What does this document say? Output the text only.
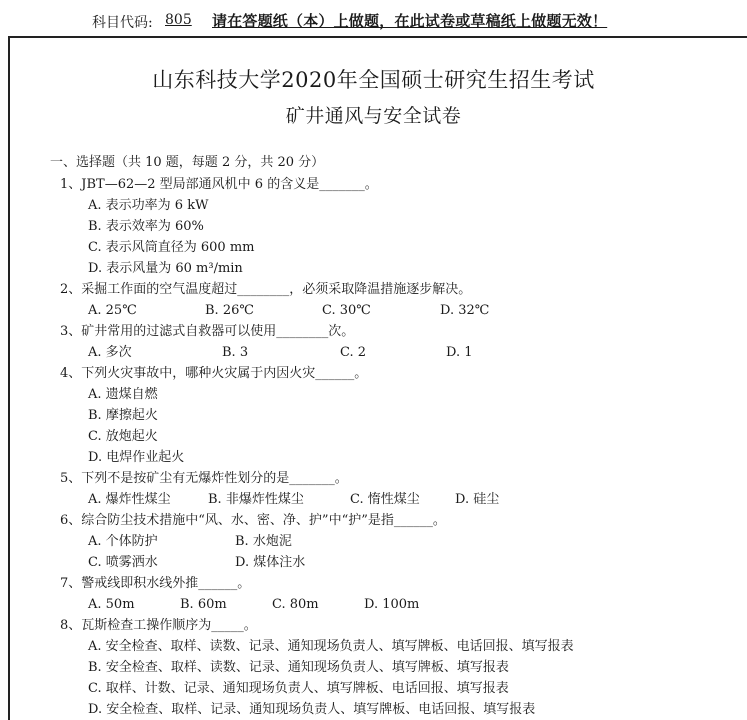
科目代码: 805 请在答题纸（本）上做题，在此试卷或草稿纸上做题无效！
山东科技大学2020年全国硕士研究生招生考试
矿井通风与安全试卷
一、选择题（共 10 题，每题 2 分，共 20 分）
1、JBT—62—2 型局部通风机中 6 的含义是_______。
A. 表示功率为 6 kW
B. 表示效率为 60%
C. 表示风筒直径为 600 mm
D. 表示风量为 60 m³/min
2、采掘工作面的空气温度超过________，必须采取降温措施逐步解决。
A. 25℃	B. 26℃	C. 30℃	D. 32℃
3、矿井常用的过滤式自救器可以使用________次。
A. 多次	B. 3	C. 2	D. 1
4、下列火灾事故中，哪种火灾属于内因火灾______。
A. 遗煤自燃
B. 摩擦起火
C. 放炮起火
D. 电焊作业起火
5、下列不是按矿尘有无爆炸性划分的是_______。
A. 爆炸性煤尘	B. 非爆炸性煤尘	C. 惰性煤尘	D. 硅尘
6、综合防尘技术措施中“风、水、密、净、护”中“护”是指______。
A. 个体防护	B. 水炮泥
C. 喷雾洒水	D. 煤体注水
7、警戒线即积水线外推______。
A. 50m	B. 60m	C. 80m	D. 100m
8、瓦斯检查工操作顺序为_____。
A. 安全检查、取样、读数、记录、通知现场负责人、填写牌板、电话回报、填写报表
B. 安全检查、取样、读数、记录、通知现场负责人、填写牌板、填写报表
C. 取样、计数、记录、通知现场负责人、填写牌板、电话回报、填写报表
D. 安全检查、取样、记录、通知现场负责人、填写牌板、电话回报、填写报表
